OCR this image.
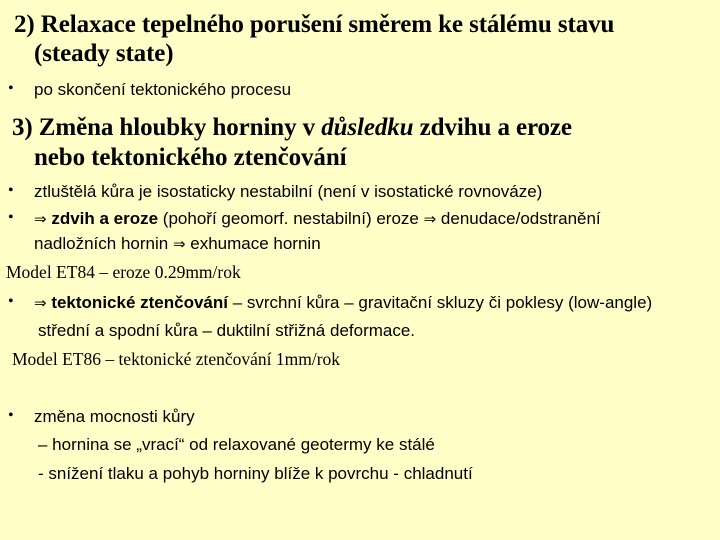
2) Relaxace tepelného porušení směrem ke stálému stavu
(steady state)
• po skončení tektonického procesu
3) Změna hloubky horniny v důsledku zdvihu a eroze
nebo tektonického ztenčování
• ztluštělá kůra je isostaticky nestabilní (není v isostatické rovnováze)
• ⇒ zdvih a eroze (pohoří geomorf. nestabilní) eroze ⇒ denudace/odstranění
nadložních hornin ⇒ exhumace hornin
Model ET84 – eroze 0.29mm/rok
• ⇒ tektonické ztenčování – svrchní kůra – gravitační skluzy či poklesy (low-angle)
střední a spodní kůra – duktilní střižná deformace.
Model ET86 – tektonické ztenčování 1mm/rok
• změna mocnosti kůry
– hornina se „vrací“ od relaxované geotermy ke stálé
- snížení tlaku a pohyb horniny blíže k povrchu - chladnutí
